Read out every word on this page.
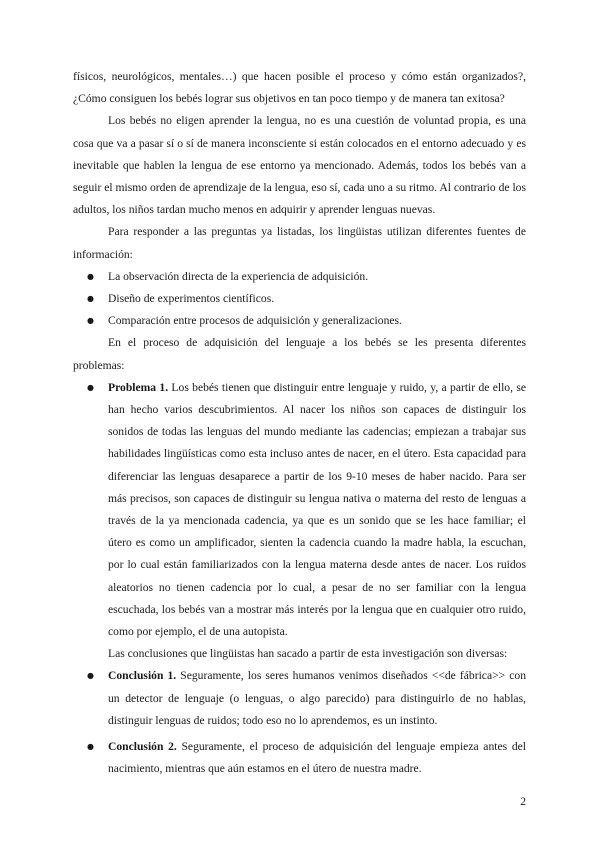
físicos, neurológicos, mentales…) que hacen posible el proceso y cómo están organizados?, ¿Cómo consiguen los bebés lograr sus objetivos en tan poco tiempo y de manera tan exitosa?

Los bebés no eligen aprender la lengua, no es una cuestión de voluntad propia, es una cosa que va a pasar sí o sí de manera inconsciente si están colocados en el entorno adecuado y es inevitable que hablen la lengua de ese entorno ya mencionado. Además, todos los bebés van a seguir el mismo orden de aprendizaje de la lengua, eso sí, cada uno a su ritmo. Al contrario de los adultos, los niños tardan mucho menos en adquirir y aprender lenguas nuevas.

Para responder a las preguntas ya listadas, los lingüistas utilizan diferentes fuentes de información:

● La observación directa de la experiencia de adquisición.
● Diseño de experimentos científicos.
● Comparación entre procesos de adquisición y generalizaciones.

En el proceso de adquisición del lenguaje a los bebés se les presenta diferentes problemas:

● Problema 1. Los bebés tienen que distinguir entre lenguaje y ruido, y, a partir de ello, se han hecho varios descubrimientos. Al nacer los niños son capaces de distinguir los sonidos de todas las lenguas del mundo mediante las cadencias; empiezan a trabajar sus habilidades lingüísticas como esta incluso antes de nacer, en el útero. Esta capacidad para diferenciar las lenguas desaparece a partir de los 9-10 meses de haber nacido. Para ser más precisos, son capaces de distinguir su lengua nativa o materna del resto de lenguas a través de la ya mencionada cadencia, ya que es un sonido que se les hace familiar; el útero es como un amplificador, sienten la cadencia cuando la madre habla, la escuchan, por lo cual están familiarizados con la lengua materna desde antes de nacer. Los ruidos aleatorios no tienen cadencia por lo cual, a pesar de no ser familiar con la lengua escuchada, los bebés van a mostrar más interés por la lengua que en cualquier otro ruido, como por ejemplo, el de una autopista.

Las conclusiones que lingüistas han sacado a partir de esta investigación son diversas:

● Conclusión 1. Seguramente, los seres humanos venimos diseñados <<de fábrica>> con un detector de lenguaje (o lenguas, o algo parecido) para distinguirlo de no hablas, distinguir lenguas de ruidos; todo eso no lo aprendemos, es un instinto.
● Conclusión 2. Seguramente, el proceso de adquisición del lenguaje empieza antes del nacimiento, mientras que aún estamos en el útero de nuestra madre.
2
